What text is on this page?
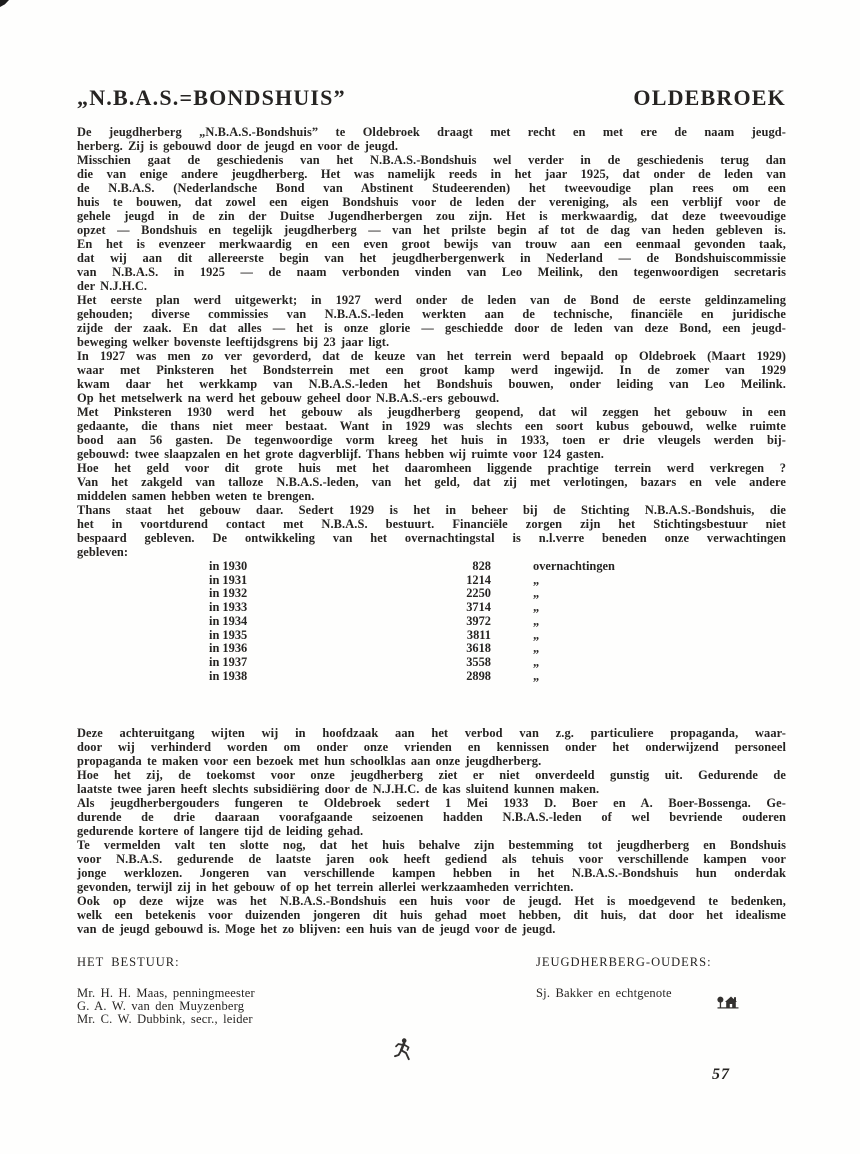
„N.B.A.S.=BONDSHUIS”	OLDEBROEK
De jeugdherberg „N.B.A.S.-Bondshuis” te Oldebroek draagt met recht en met ere de naam jeugd-
herberg. Zij is gebouwd door de jeugd en voor de jeugd.
Misschien gaat de geschiedenis van het N.B.A.S.-Bondshuis wel verder in de geschiedenis terug dan
die van enige andere jeugdherberg. Het was namelijk reeds in het jaar 1925, dat onder de leden van
de N.B.A.S. (Nederlandsche Bond van Abstinent Studeerenden) het tweevoudige plan rees om een
huis te bouwen, dat zowel een eigen Bondshuis voor de leden der vereniging, als een verblijf voor de
gehele jeugd in de zin der Duitse Jugendherbergen zou zijn. Het is merkwaardig, dat deze tweevoudige
opzet — Bondshuis en tegelijk jeugdherberg — van het prilste begin af tot de dag van heden gebleven is.
En het is evenzeer merkwaardig en een even groot bewijs van trouw aan een eenmaal gevonden taak,
dat wij aan dit allereerste begin van het jeugdherbergenwerk in Nederland — de Bondshuiscommissie
van N.B.A.S. in 1925 — de naam verbonden vinden van Leo Meilink, den tegenwoordigen secretaris
der N.J.H.C.
Het eerste plan werd uitgewerkt; in 1927 werd onder de leden van de Bond de eerste geldinzameling
gehouden; diverse commissies van N.B.A.S.-leden werkten aan de technische, financiële en juridische
zijde der zaak. En dat alles — het is onze glorie — geschiedde door de leden van deze Bond, een jeugd-
beweging welker bovenste leeftijdsgrens bij 23 jaar ligt.
In 1927 was men zo ver gevorderd, dat de keuze van het terrein werd bepaald op Oldebroek (Maart 1929)
waar met Pinksteren het Bondsterrein met een groot kamp werd ingewijd. In de zomer van 1929
kwam daar het werkkamp van N.B.A.S.-leden het Bondshuis bouwen, onder leiding van Leo Meilink.
Op het metselwerk na werd het gebouw geheel door N.B.A.S.-ers gebouwd.
Met Pinksteren 1930 werd het gebouw als jeugdherberg geopend, dat wil zeggen het gebouw in een
gedaante, die thans niet meer bestaat. Want in 1929 was slechts een soort kubus gebouwd, welke ruimte
bood aan 56 gasten. De tegenwoordige vorm kreeg het huis in 1933, toen er drie vleugels werden bij-
gebouwd: twee slaapzalen en het grote dagverblijf. Thans hebben wij ruimte voor 124 gasten.
Hoe het geld voor dit grote huis met het daaromheen liggende prachtige terrein werd verkregen ?
Van het zakgeld van talloze N.B.A.S.-leden, van het geld, dat zij met verlotingen, bazars en vele andere
middelen samen hebben weten te brengen.
Thans staat het gebouw daar. Sedert 1929 is het in beheer bij de Stichting N.B.A.S.-Bondshuis, die
het in voortdurend contact met N.B.A.S. bestuurt. Financiële zorgen zijn het Stichtingsbestuur niet
bespaard gebleven. De ontwikkeling van het overnachtingstal is n.l.verre beneden onze verwachtingen
gebleven:
in 1930	828	overnachtingen
in 1931	1214	„
in 1932	2250	„
in 1933	3714	„
in 1934	3972	„
in 1935	3811	„
in 1936	3618	„
in 1937	3558	„
in 1938	2898	„
Deze achteruitgang wijten wij in hoofdzaak aan het verbod van z.g. particuliere propaganda, waar-
door wij verhinderd worden om onder onze vrienden en kennissen onder het onderwijzend personeel
propaganda te maken voor een bezoek met hun schoolklas aan onze jeugdherberg.
Hoe het zij, de toekomst voor onze jeugdherberg ziet er niet onverdeeld gunstig uit. Gedurende de
laatste twee jaren heeft slechts subsidiëring door de N.J.H.C. de kas sluitend kunnen maken.
Als jeugdherbergouders fungeren te Oldebroek sedert 1 Mei 1933 D. Boer en A. Boer-Bossenga. Ge-
durende de drie daaraan voorafgaande seizoenen hadden N.B.A.S.-leden of wel bevriende ouderen
gedurende kortere of langere tijd de leiding gehad.
Te vermelden valt ten slotte nog, dat het huis behalve zijn bestemming tot jeugdherberg en Bondshuis
voor N.B.A.S. gedurende de laatste jaren ook heeft gediend als tehuis voor verschillende kampen voor
jonge werklozen. Jongeren van verschillende kampen hebben in het N.B.A.S.-Bondshuis hun onderdak
gevonden, terwijl zij in het gebouw of op het terrein allerlei werkzaamheden verrichten.
Ook op deze wijze was het N.B.A.S.-Bondshuis een huis voor de jeugd. Het is moedgevend te bedenken,
welk een betekenis voor duizenden jongeren dit huis gehad moet hebben, dit huis, dat door het idealisme
van de jeugd gebouwd is. Moge het zo blijven: een huis van de jeugd voor de jeugd.
HET BESTUUR:	JEUGDHERBERG-OUDERS:
Mr. H. H. Maas, penningmeester
G. A. W. van den Muyzenberg
Mr. C. W. Dubbink, secr., leider
Sj. Bakker en echtgenote
57
